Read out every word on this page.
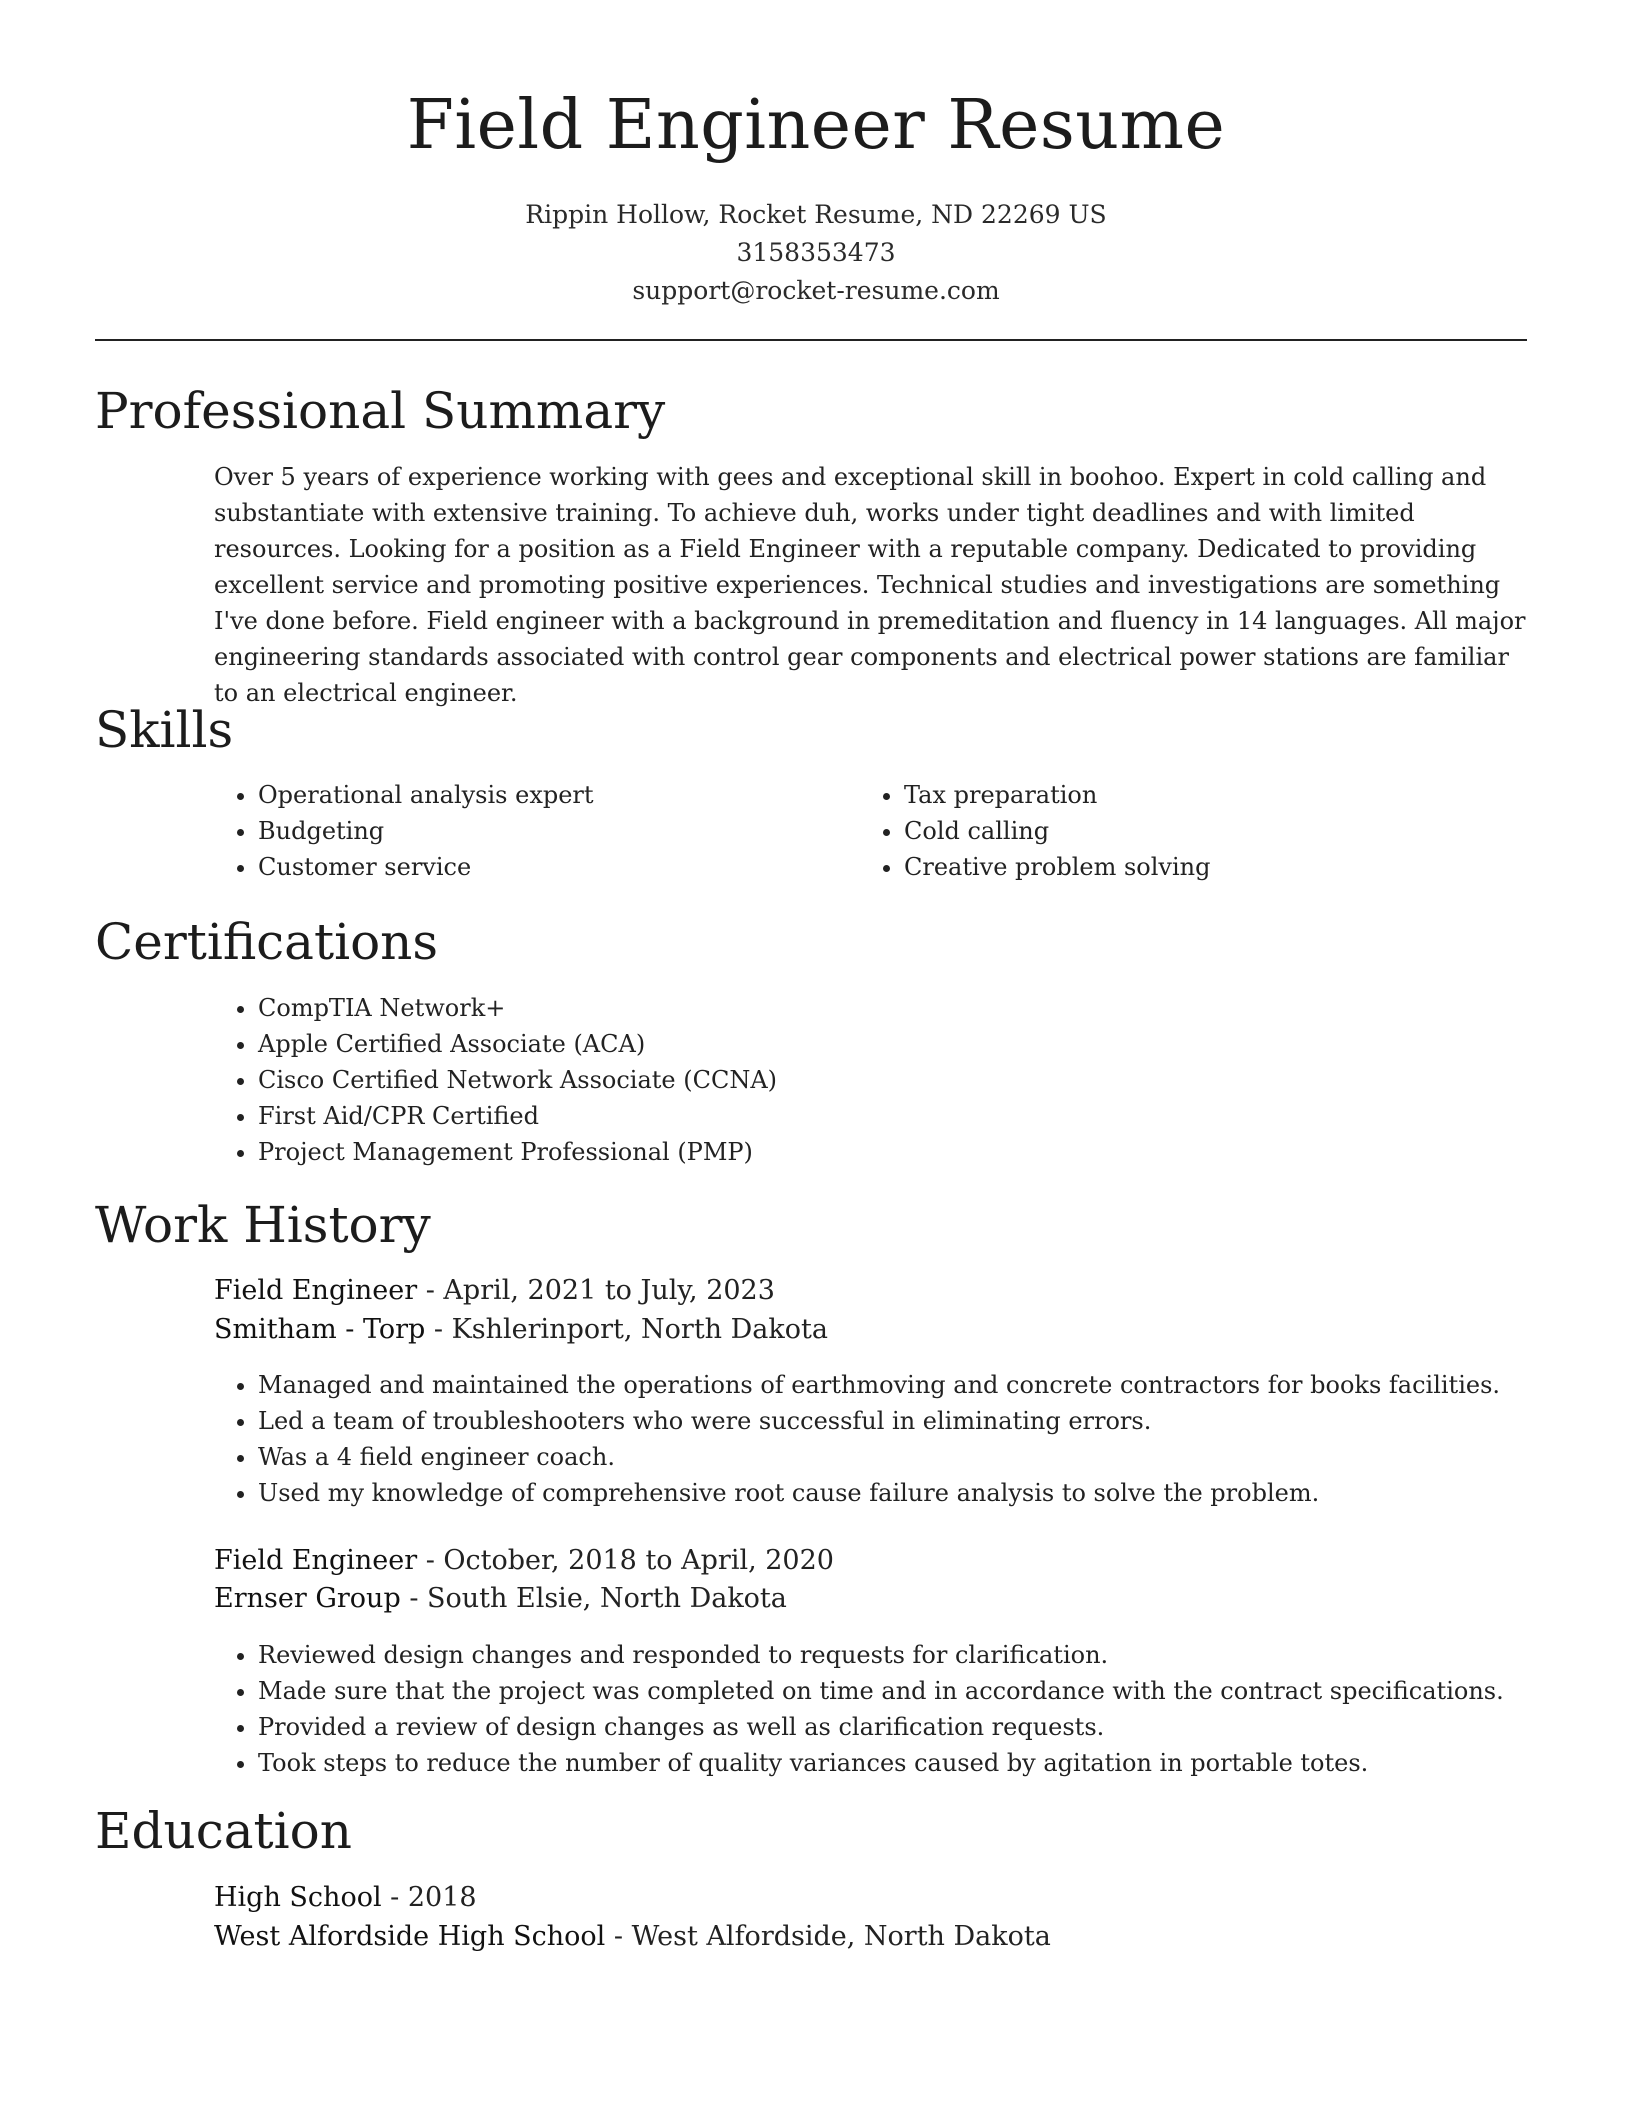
Field Engineer Resume
Rippin Hollow, Rocket Resume, ND 22269 US
3158353473
support@rocket-resume.com
Professional Summary

Over 5 years of experience working with gees and exceptional skill in boohoo. Expert in cold calling and substantiate with extensive training. To achieve duh, works under tight deadlines and with limited resources. Looking for a position as a Field Engineer with a reputable company. Dedicated to providing excellent service and promoting positive experiences. Technical studies and investigations are something I've done before. Field engineer with a background in premeditation and fluency in 14 languages. All major engineering standards associated with control gear components and electrical power stations are familiar to an electrical engineer.

Skills
• Operational analysis expert
• Budgeting
• Customer service
• Tax preparation
• Cold calling
• Creative problem solving
Certifications
• CompTIA Network+
• Apple Certified Associate (ACA)
• Cisco Certified Network Associate (CCNA)
• First Aid/CPR Certified
• Project Management Professional (PMP)
Work History
Field Engineer - April, 2021 to July, 2023
Smitham - Torp - Kshlerinport, North Dakota
• Managed and maintained the operations of earthmoving and concrete contractors for books facilities.
• Led a team of troubleshooters who were successful in eliminating errors.
• Was a 4 field engineer coach.
• Used my knowledge of comprehensive root cause failure analysis to solve the problem.
Field Engineer - October, 2018 to April, 2020
Ernser Group - South Elsie, North Dakota
• Reviewed design changes and responded to requests for clarification.
• Made sure that the project was completed on time and in accordance with the contract specifications.
• Provided a review of design changes as well as clarification requests.
• Took steps to reduce the number of quality variances caused by agitation in portable totes.
Education
High School - 2018
West Alfordside High School - West Alfordside, North Dakota
